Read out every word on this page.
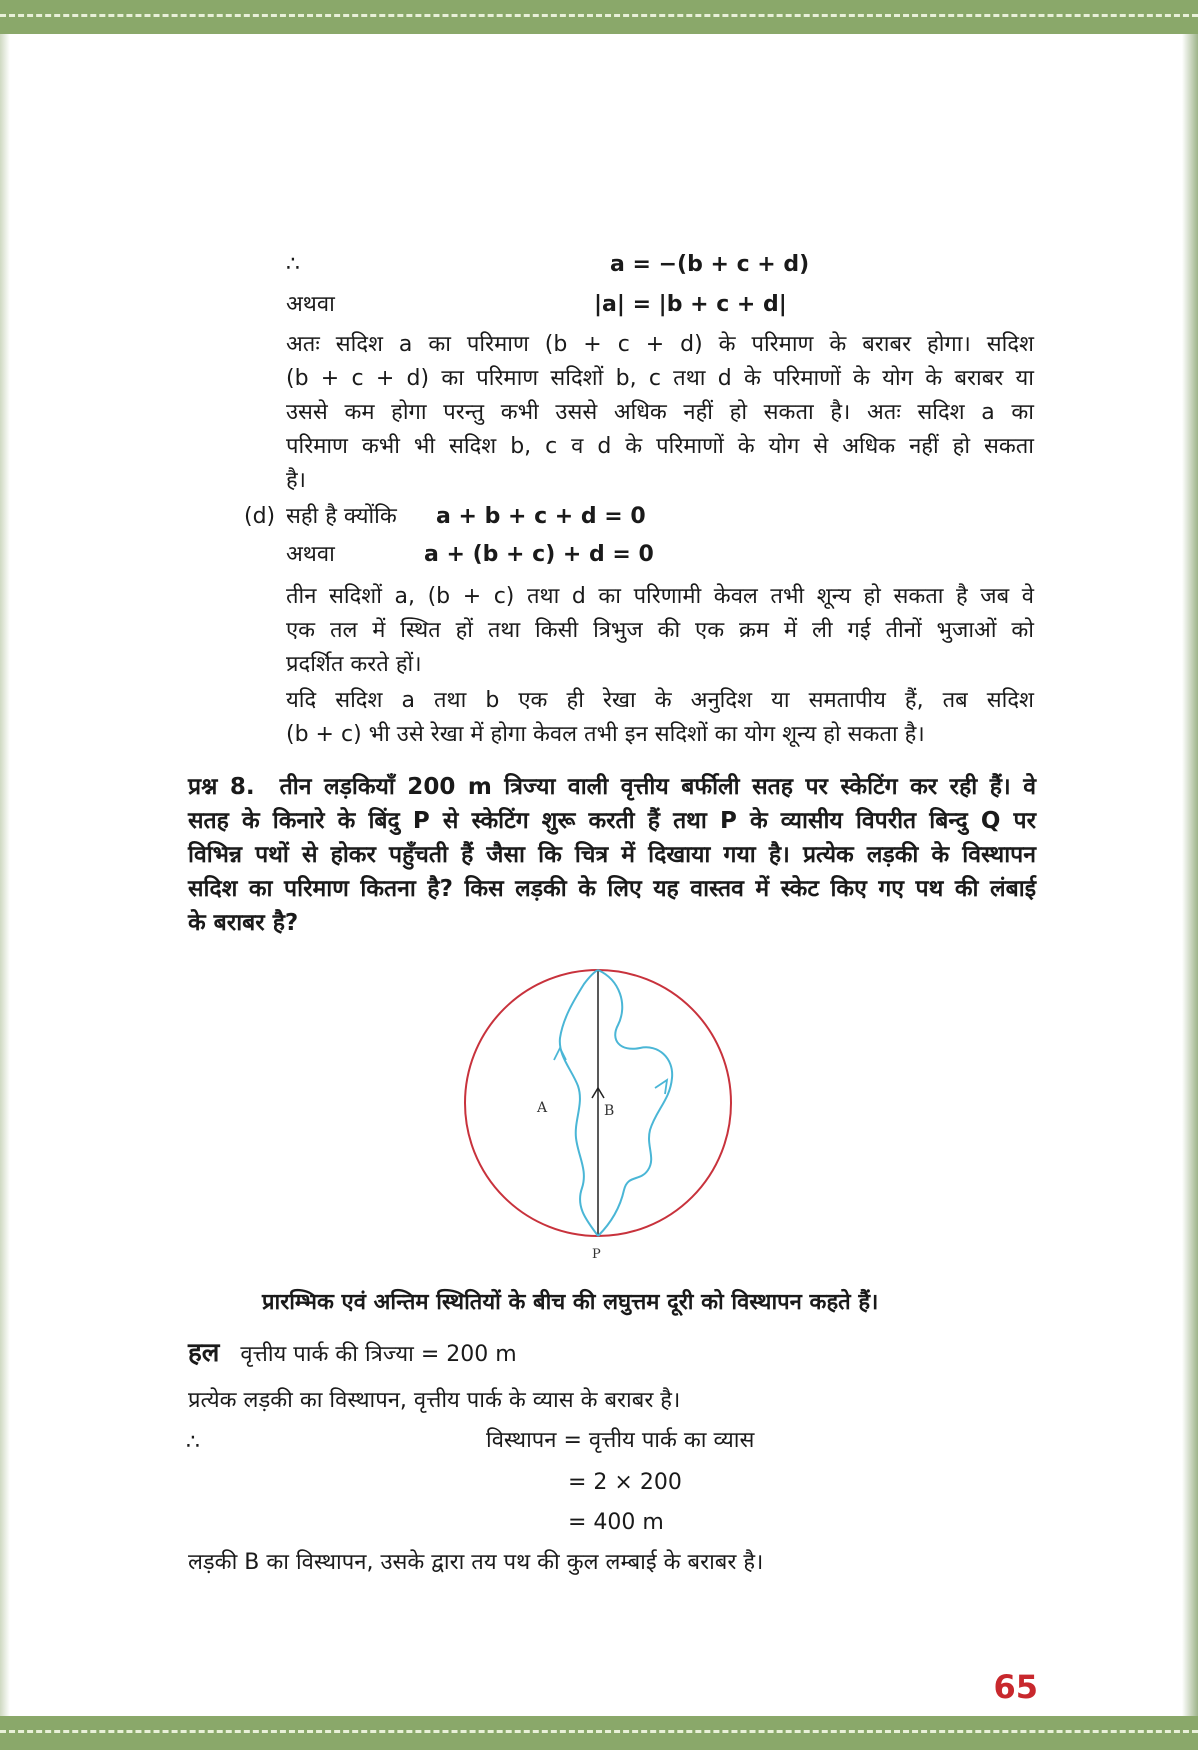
∴	a = −(b + c + d)
अथवा	|a| = |b + c + d|
अतः सदिश a का परिमाण (b + c + d) के परिमाण के बराबर होगा। सदिश
(b + c + d) का परिमाण सदिशों b, c तथा d के परिमाणों के योग के बराबर या
उससे कम होगा परन्तु कभी उससे अधिक नहीं हो सकता है। अतः सदिश a का
परिमाण कभी भी सदिश b, c व d के परिमाणों के योग से अधिक नहीं हो सकता
है।
(d) सही है क्योंकि a + b + c + d = 0
अथवा	a + (b + c) + d = 0
तीन सदिशों a, (b + c) तथा d का परिणामी केवल तभी शून्य हो सकता है जब वे
एक तल में स्थित हों तथा किसी त्रिभुज की एक क्रम में ली गई तीनों भुजाओं को
प्रदर्शित करते हों।
यदि सदिश a तथा b एक ही रेखा के अनुदिश या समतापीय हैं, तब सदिश
(b + c) भी उसे रेखा में होगा केवल तभी इन सदिशों का योग शून्य हो सकता है।
प्रश्न 8. तीन लड़कियाँ 200 m त्रिज्या वाली वृत्तीय बर्फीली सतह पर स्केटिंग कर रही हैं। वे
सतह के किनारे के बिंदु P से स्केटिंग शुरू करती हैं तथा P के व्यासीय विपरीत बिन्दु Q पर
विभिन्न पथों से होकर पहुँचती हैं जैसा कि चित्र में दिखाया गया है। प्रत्येक लड़की के विस्थापन
सदिश का परिमाण कितना है? किस लड़की के लिए यह वास्तव में स्केट किए गए पथ की लंबाई
के बराबर है?
A	B
P
प्रारम्भिक एवं अन्तिम स्थितियों के बीच की लघुत्तम दूरी को विस्थापन कहते हैं।
हल वृत्तीय पार्क की त्रिज्या = 200 m
प्रत्येक लड़की का विस्थापन, वृत्तीय पार्क के व्यास के बराबर है।
∴	विस्थापन = वृत्तीय पार्क का व्यास
= 2 × 200
= 400 m
लड़की B का विस्थापन, उसके द्वारा तय पथ की कुल लम्बाई के बराबर है।
65
